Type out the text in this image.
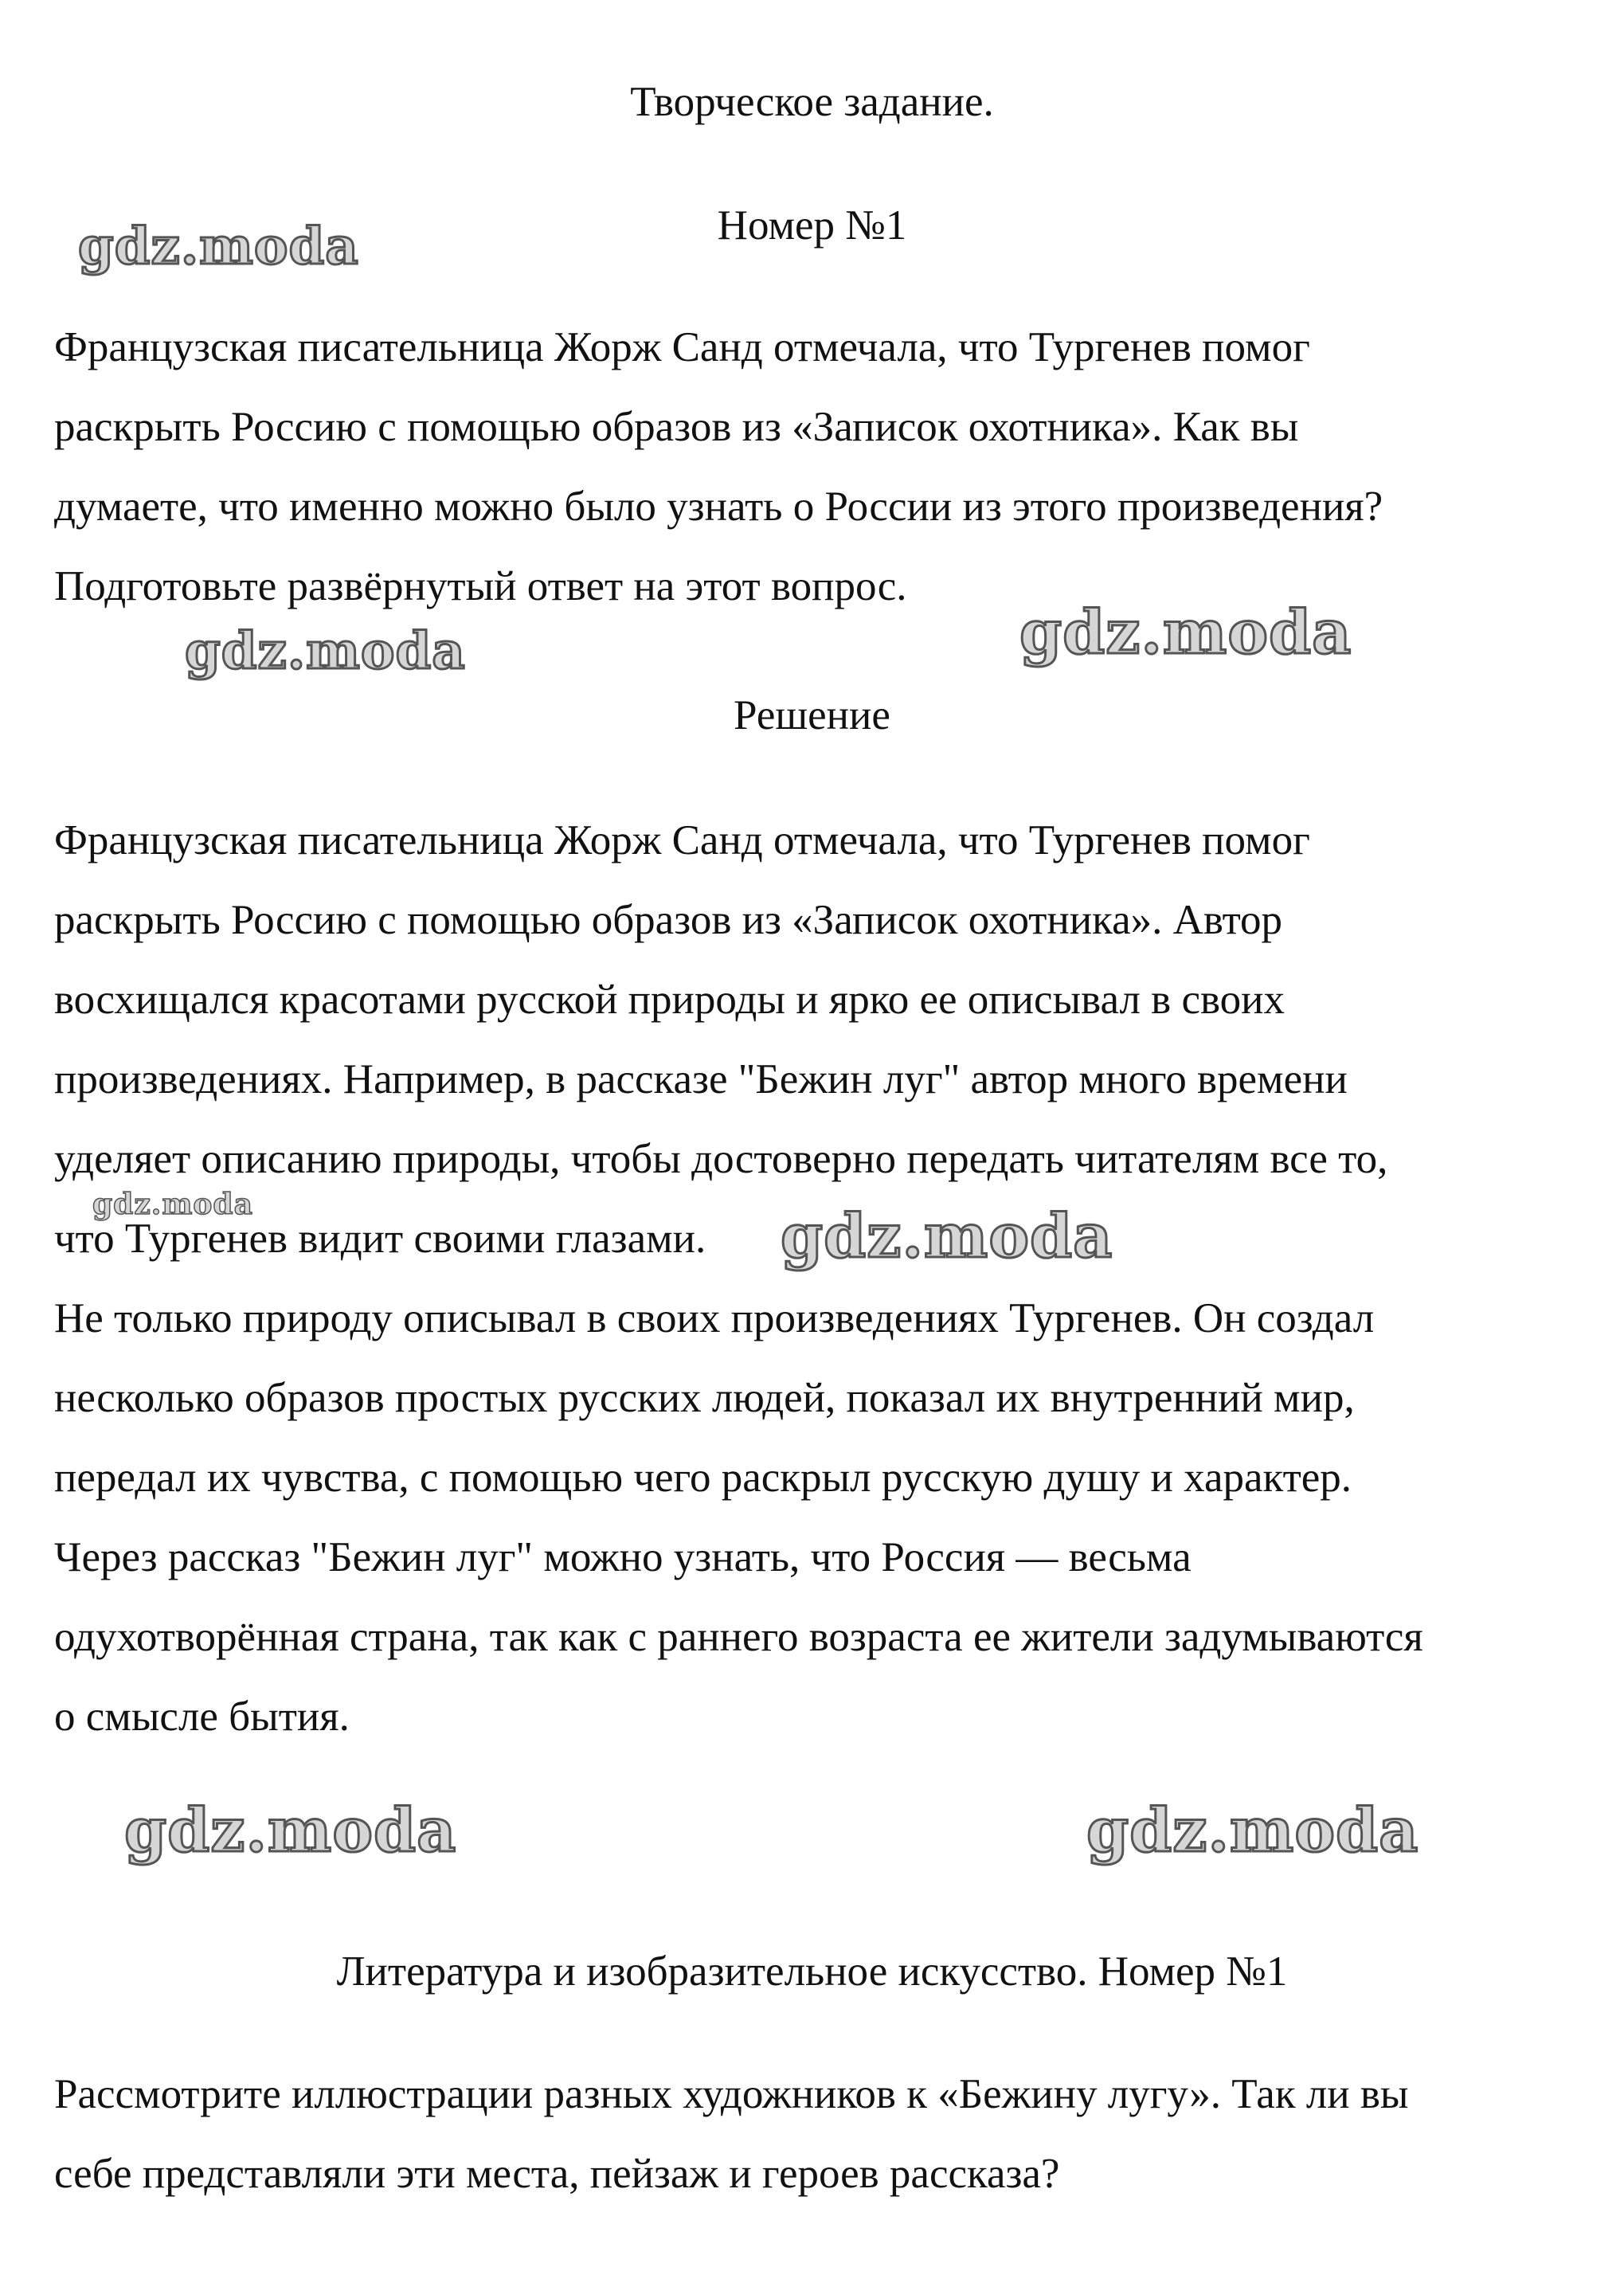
Творческое задание.
Номер №1
Французская писательница Жорж Санд отмечала, что Тургенев помог
раскрыть Россию с помощью образов из «Записок охотника». Как вы
думаете, что именно можно было узнать о России из этого произведения?
Подготовьте развёрнутый ответ на этот вопрос.
Решение
Французская писательница Жорж Санд отмечала, что Тургенев помог
раскрыть Россию с помощью образов из «Записок охотника». Автор
восхищался красотами русской природы и ярко ее описывал в своих
произведениях. Например, в рассказе "Бежин луг" автор много времени
уделяет описанию природы, чтобы достоверно передать читателям все то,
что Тургенев видит своими глазами.
Не только природу описывал в своих произведениях Тургенев. Он создал
несколько образов простых русских людей, показал их внутренний мир,
передал их чувства, с помощью чего раскрыл русскую душу и характер.
Через рассказ "Бежин луг" можно узнать, что Россия — весьма
одухотворённая страна, так как с раннего возраста ее жители задумываются
о смысле бытия.
Литература и изобразительное искусство. Номер №1
Рассмотрите иллюстрации разных художников к «Бежину лугу». Так ли вы
себе представляли эти места, пейзаж и героев рассказа?
gdz.moda
gdz.moda	gdz.moda
gdz.moda	gdz.moda
gdz.moda	gdz.moda
